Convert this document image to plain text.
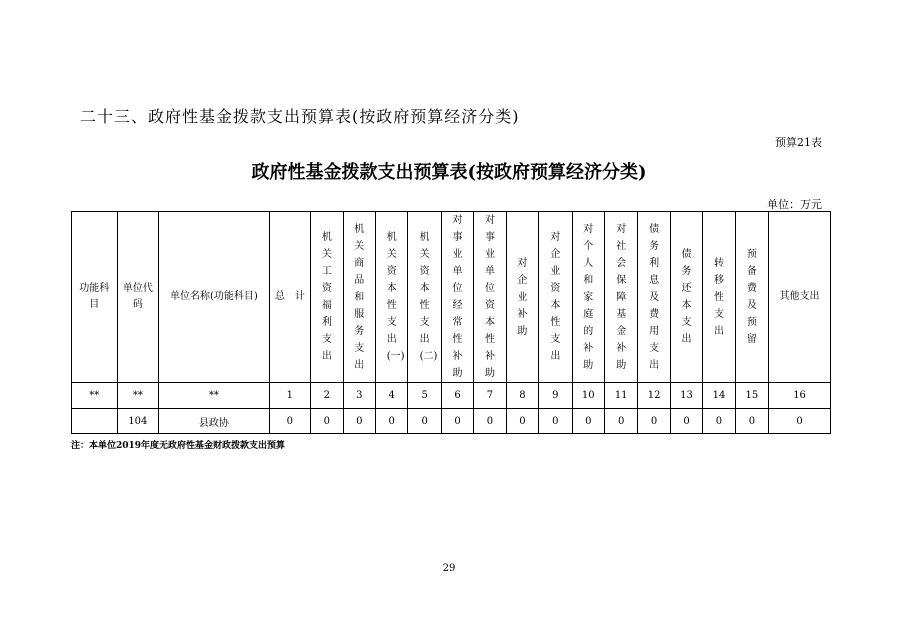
二十三、政府性基金拨款支出预算表(按政府预算经济分类)
预算21表
政府性基金拨款支出预算表(按政府预算经济分类)
单位：万元
功能科目	单位代码	单位名称(功能科目)	总　计	机关工资福利支出	机关商品和服务支出	机关资本性支出(一)	机关资本性支出(二)	对事业单位经常性补助	对事业单位资本性补助	对企业补助	对企业资本性支出	对个人和家庭的补助	对社会保障基金补助	债务利息及费用支出	债务还本支出	转移性支出	预备费及预留	其他支出
**	**	**	1	2	3	4	5	6	7	8	9	10	11	12	13	14	15	16
	104	县政协	0	0	0	0	0	0	0	0	0	0	0	0	0	0	0	0
注：本单位2019年度无政府性基金财政拨款支出预算
29
